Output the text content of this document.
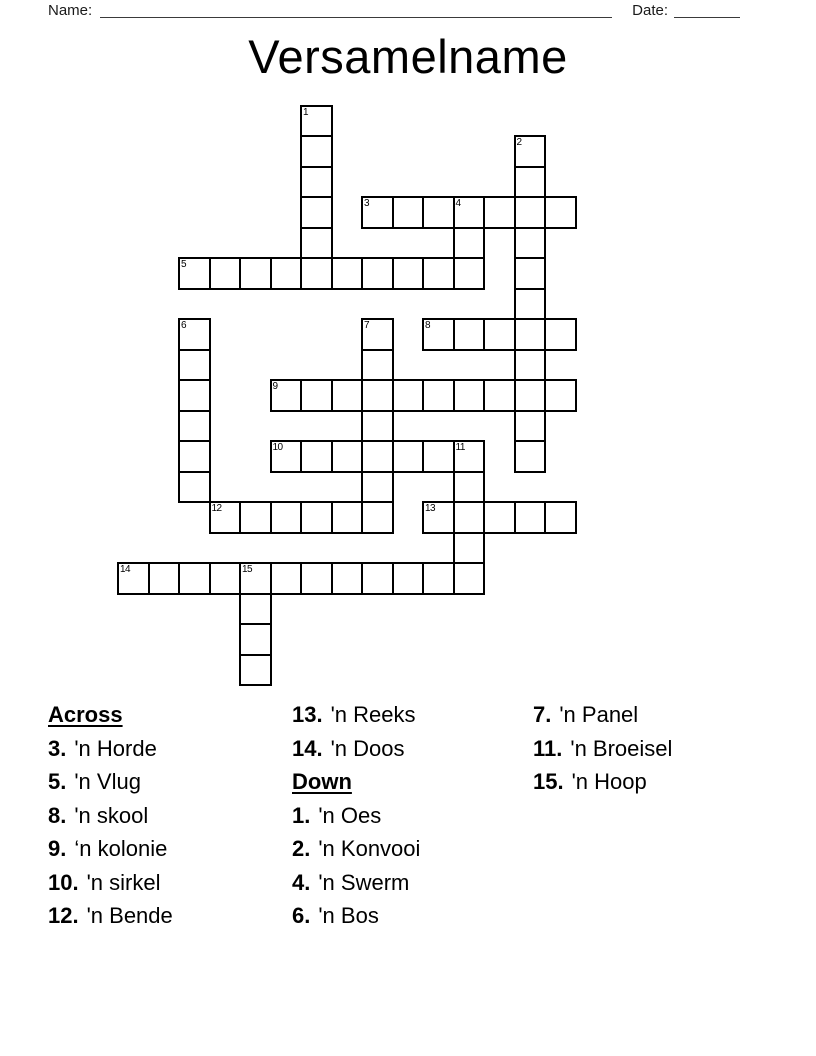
Name:	Date:
Versamelname
1
2
3	4
5
6	7	8
9
10	11
12	13
14	15
Across
3. 'n Horde
5. 'n Vlug
8. 'n skool
9. ‘n kolonie
10. 'n sirkel
12. 'n Bende
13. 'n Reeks
14. 'n Doos
Down
1. 'n Oes
2. 'n Konvooi
4. 'n Swerm
6. 'n Bos
7. 'n Panel
11. 'n Broeisel
15. 'n Hoop
